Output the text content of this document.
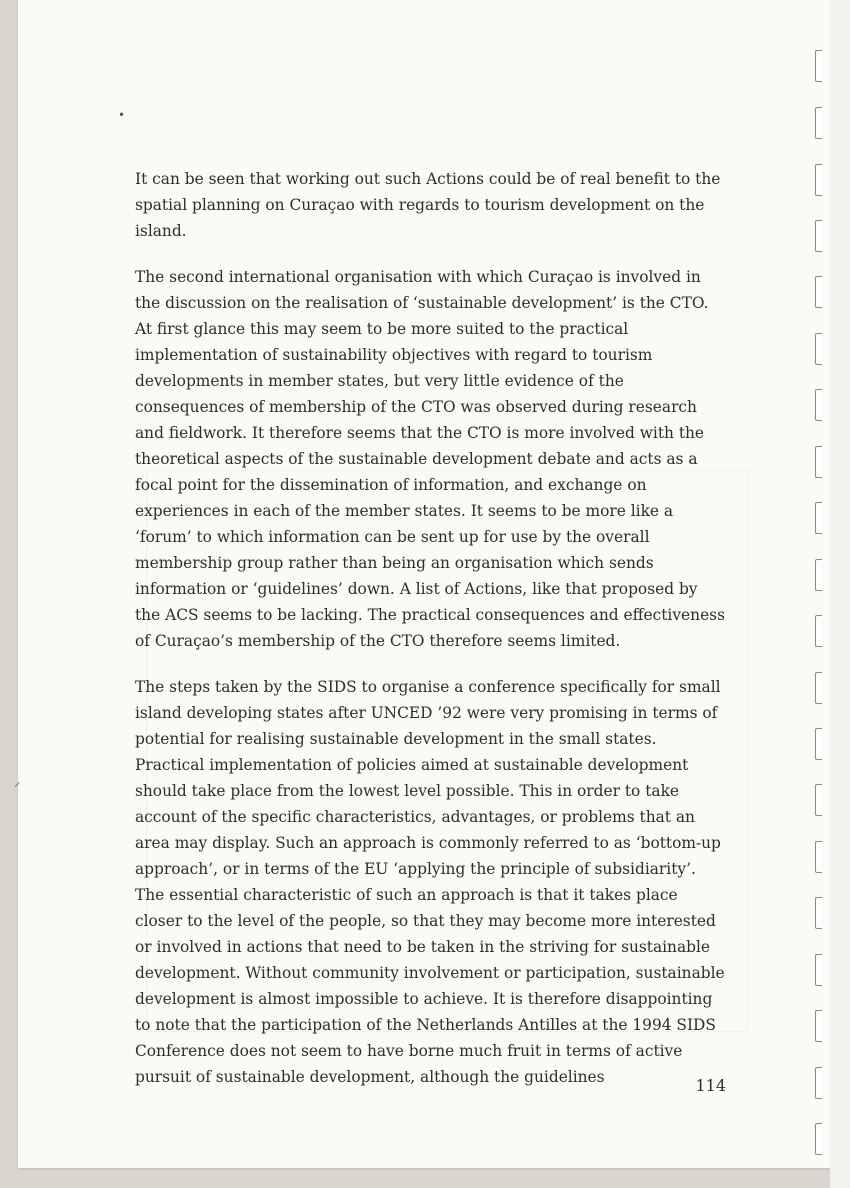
•
⸝

It can be seen that working out such Actions could be of real benefit to the spatial planning on Curaçao with regards to tourism development on the island.

The second international organisation with which Curaçao is involved in the discussion on the realisation of ‘sustainable development’ is the CTO. At first glance this may seem to be more suited to the practical implementation of sustainability objectives with regard to tourism developments in member states, but very little evidence of the consequences of membership of the CTO was observed during research and fieldwork. It therefore seems that the CTO is more involved with the theoretical aspects of the sustainable development debate and acts as a focal point for the dissemination of information, and exchange on experiences in each of the member states. It seems to be more like a ‘forum’ to which information can be sent up for use by the overall membership group rather than being an organisation which sends information or ‘guidelines’ down. A list of Actions, like that proposed by the ACS seems to be lacking. The practical consequences and effectiveness of Curaçao’s membership of the CTO therefore seems limited.

The steps taken by the SIDS to organise a conference specifically for small island developing states after UNCED ’92 were very promising in terms of potential for realising sustainable development in the small states. Practical implementation of policies aimed at sustainable development should take place from the lowest level possible. This in order to take account of the specific characteristics, advantages, or problems that an area may display. Such an approach is commonly referred to as ‘bottom-up approach’, or in terms of the EU ‘applying the principle of subsidiarity’. The essential characteristic of such an approach is that it takes place closer to the level of the people, so that they may become more interested or involved in actions that need to be taken in the striving for sustainable development. Without community involvement or participation, sustainable development is almost impossible to achieve. It is therefore disappointing to note that the participation of the Netherlands Antilles at the 1994 SIDS Conference does not seem to have borne much fruit in terms of active pursuit of sustainable development, although the guidelines	114
